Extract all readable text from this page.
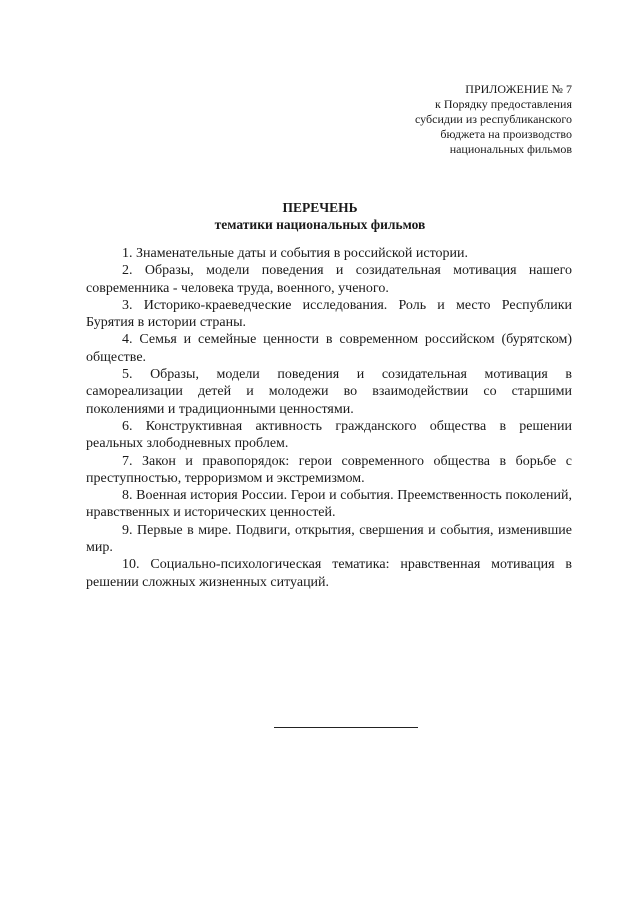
ПРИЛОЖЕНИЕ № 7
к Порядку предоставления
субсидии из республиканского
бюджета на производство
национальных фильмов
ПЕРЕЧЕНЬ
тематики национальных фильмов

1. Знаменательные даты и события в российской истории.

2. Образы, модели поведения и созидательная мотивация нашего современника - человека труда, военного, ученого.

3. Историко-краеведческие исследования. Роль и место Республики Бурятия в истории страны.

4. Семья и семейные ценности в современном российском (бурятском) обществе.

5. Образы, модели поведения и созидательная мотивация в самореализации детей и молодежи во взаимодействии со старшими поколениями и традиционными ценностями.

6. Конструктивная активность гражданского общества в решении реальных злободневных проблем.

7. Закон и правопорядок: герои современного общества в борьбе с преступностью, терроризмом и экстремизмом.

8. Военная история России. Герои и события. Преемственность поколений, нравственных и исторических ценностей.

9. Первые в мире. Подвиги, открытия, свершения и события, изменившие мир.

10. Социально-психологическая тематика: нравственная мотивация в решении сложных жизненных ситуаций.
